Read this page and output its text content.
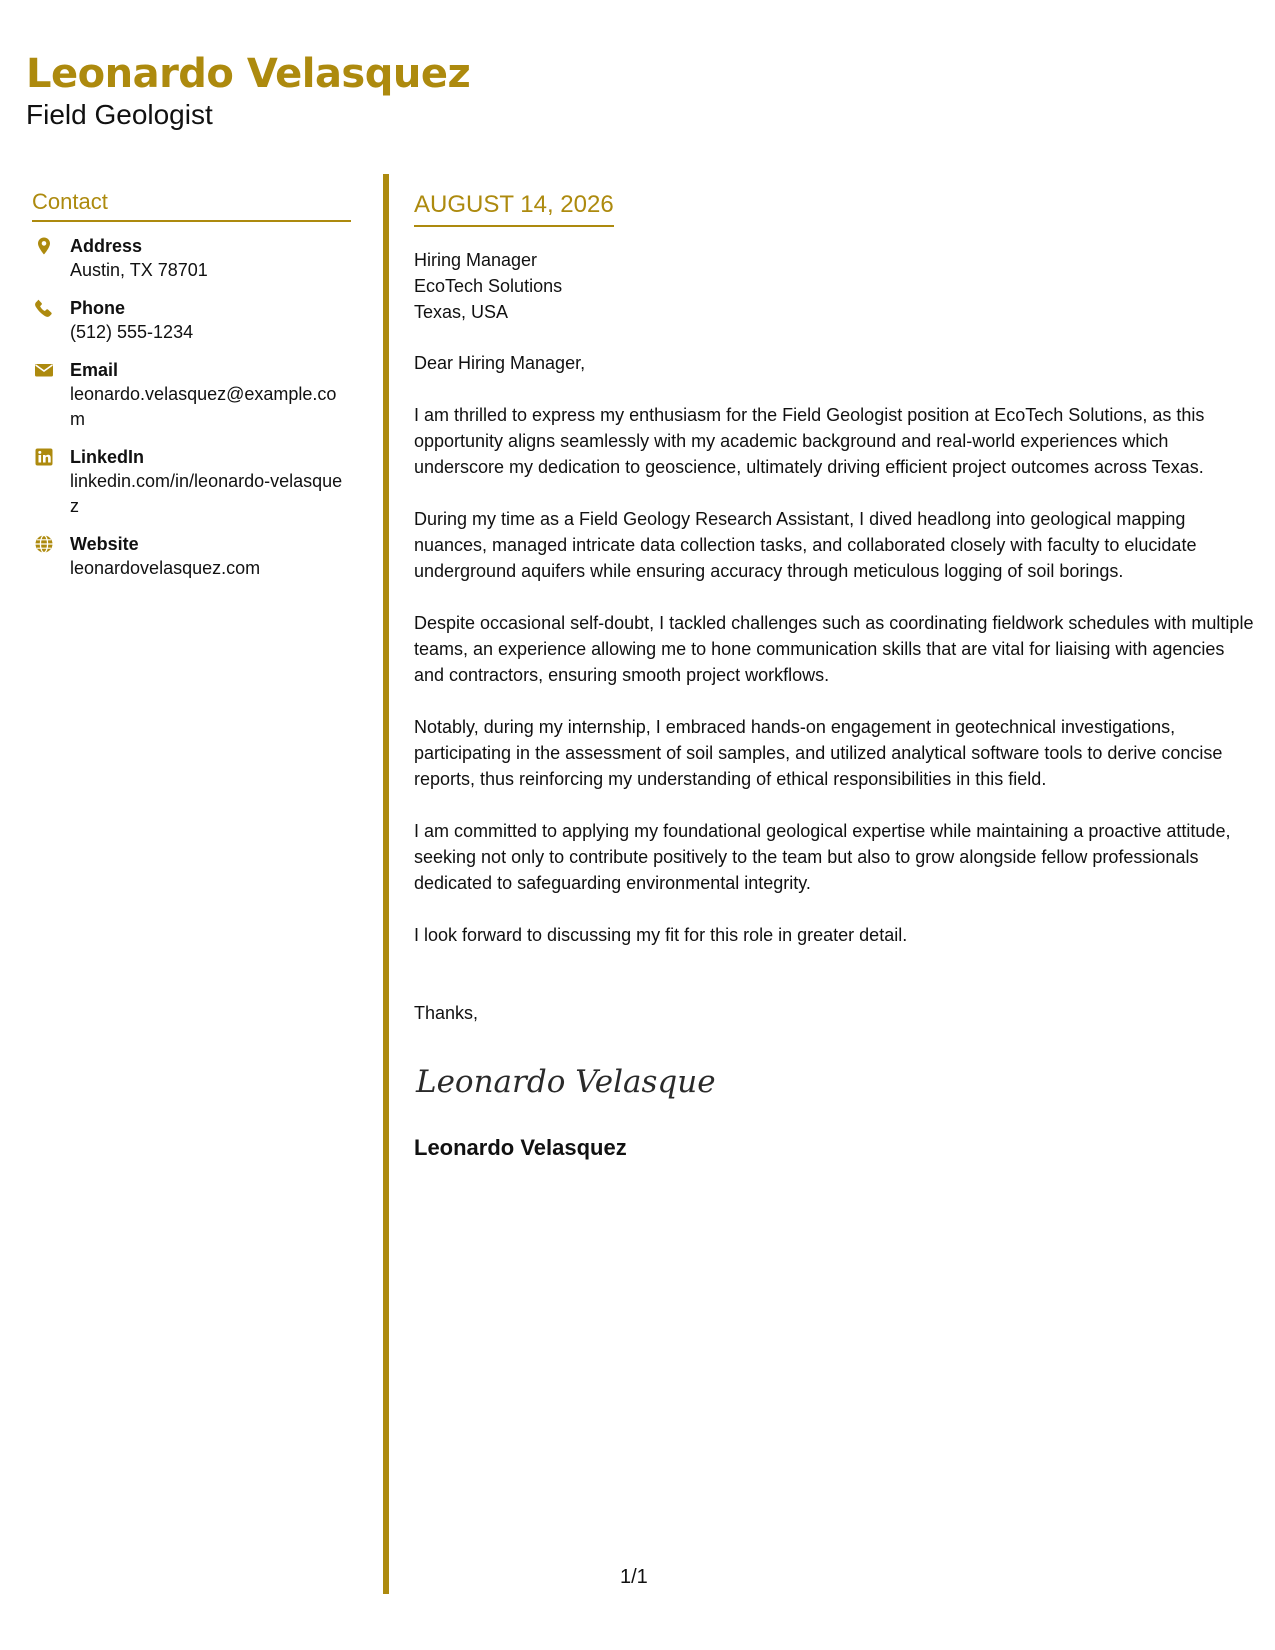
Leonardo Velasquez
Field Geologist
Contact
Address
Austin, TX 78701
Phone
(512) 555-1234
Email
leonardo.velasquez@example.com
LinkedIn
linkedin.com/in/leonardo-velasquez
Website
leonardovelasquez.com
AUGUST 14, 2026
Hiring Manager
EcoTech Solutions
Texas, USA
Dear Hiring Manager,

I am thrilled to express my enthusiasm for the Field Geologist position at EcoTech Solutions, as this opportunity aligns seamlessly with my academic background and real-world experiences which underscore my dedication to geoscience, ultimately driving efficient project outcomes across Texas.

During my time as a Field Geology Research Assistant, I dived headlong into geological mapping nuances, managed intricate data collection tasks, and collaborated closely with faculty to elucidate underground aquifers while ensuring accuracy through meticulous logging of soil borings.

Despite occasional self-doubt, I tackled challenges such as coordinating fieldwork schedules with multiple teams, an experience allowing me to hone communication skills that are vital for liaising with agencies and contractors, ensuring smooth project workflows.

Notably, during my internship, I embraced hands-on engagement in geotechnical investigations, participating in the assessment of soil samples, and utilized analytical software tools to derive concise reports, thus reinforcing my understanding of ethical responsibilities in this field.

I am committed to applying my foundational geological expertise while maintaining a proactive attitude, seeking not only to contribute positively to the team but also to grow alongside fellow professionals dedicated to safeguarding environmental integrity.

I look forward to discussing my fit for this role in greater detail.

Thanks,
Leonardo Velasque
Leonardo Velasquez
1/1
